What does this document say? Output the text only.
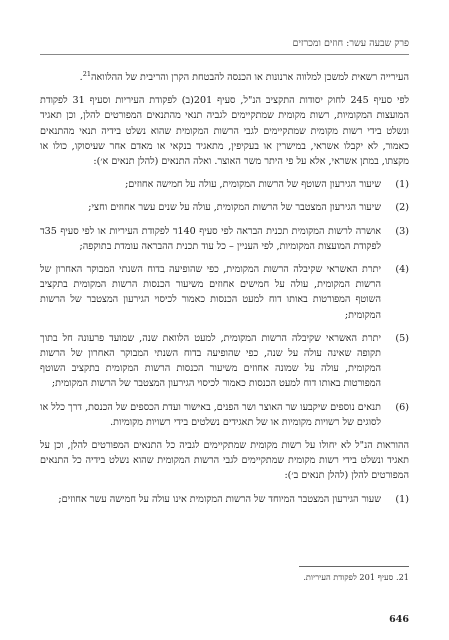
פרק שבעה עשר: חוזים ומכרזים

העירייה רשאית למשכן למלווה ארנונות או הכנסה להבטחת הקרן והריבית של ההלוואה$^{21}$.

לפי סעיף 245 לחוק יסודות התקציב הנ"ל, סעיף 201(ב) לפקודת העיריות וסעיף 31 לפקודת המועצות המקומיות, רשות מקומית שמתקיימים לגביה תנאי מהתנאים המפורטים להלן, וכן תאגיד ונשלט בידי רשות מקומית שמתקיימים לגבי הרשות המקומית שהוא נשלט בידיה תנאי מהתנאים כאמור, לא יקבלו אשראי, במישרין או בעקיפין, מתאגיד בנקאי או מאדם אחר שעיסוקו, כולו או מקצתו, במתן אשראי, אלא על פי היתר משר האוצר. ואלה התנאים (להלן תנאים א׳):

(1)
שיעור הגירעון השוטף של הרשות המקומית, עולה על חמישה אחוזים;
(2)
שיעור הגירעון המצטבר של הרשות המקומית, עולה על שנים עשר אחוזים וחצי;
(3)
אושרה לרשות המקומית תכנית הבראה לפי סעיף 140ד לפקודת העיריות או לפי סעיף 35ד לפקודת המועצות המקומיות, לפי העניין – כל עוד תכנית ההבראה עומדת בתוקפה;
(4)
יתרת האשראי שקיבלה הרשות המקומית, כפי שהופיעה בדוח השנתי המבוקר האחרון של הרשות המקומית, עולה על חמישים אחוזים משיעור הכנסות הרשות המקומית בתקציב השוטף המפורטות באותו דוח למעט הכנסות כאמור לכיסוי הגירעון המצטבר של הרשות המקומית;
(5)
יתרת האשראי שקיבלה הרשות המקומית, למעט הלוואת שנה, שמועד פרעונה חל בתוך תקופה שאינה עולה על שנה, כפי שהופיעה בדוח השנתי המבוקר האחרון של הרשות המקומית, עולה על שמונה אחוזים משיעור הכנסות הרשות המקומית בתקציב השוטף המפורטות באותו דוח למעט הכנסות כאמור לכיסוי הגירעון המצטבר של הרשות המקומית;
(6)
תנאים נוספים שיקבעו שר האוצר ושר הפנים, באישור ועדת הכספים של הכנסת, דרך כלל או לסוגים של רשויות מקומיות או של תאגידים נשלטים בידי רשויות מקומיות.

ההוראות הנ"ל לא יחולו על רשות מקומית שמתקיימים לגביה כל התנאים המפורטים להלן, וכן על תאגיד ונשלט בידי רשות מקומית שמתקיימים לגבי הרשות המקומית שהוא נשלט בידיה כל התנאים המפורטים להלן (להלן תנאים ב׳):

(1)
שעור הגירעון המצטבר המיוחד של הרשות המקומית אינו עולה על חמישה עשר אחוזים;
21. סעיף 201 לפקודת העיריות.
646
